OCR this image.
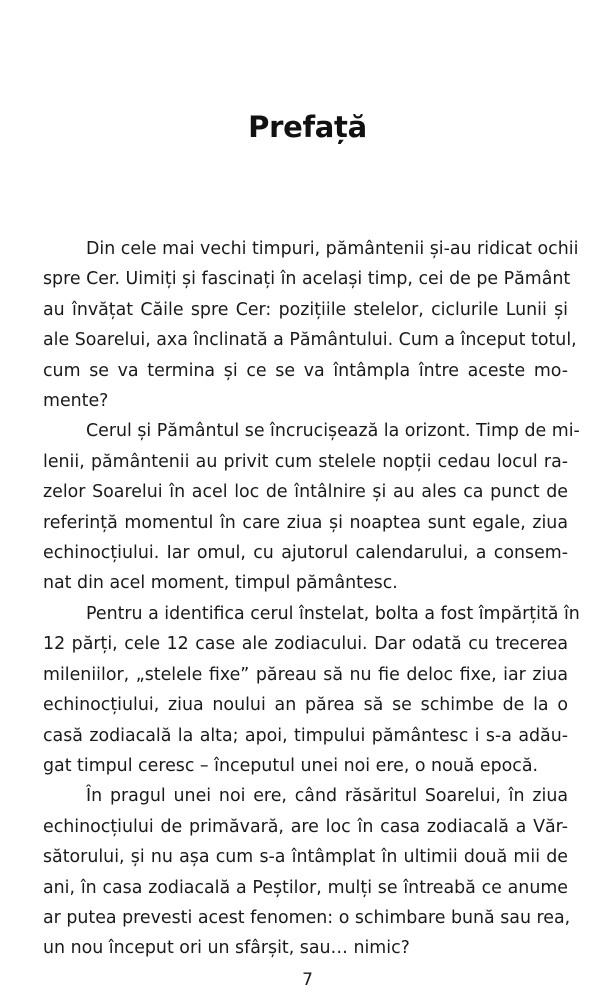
Prefață
Din cele mai vechi timpuri, pământenii și-au ridicat ochii
spre Cer. Uimiți și fascinați în același timp, cei de pe Pământ
au învățat Căile spre Cer: pozițiile stelelor, ciclurile Lunii și
ale Soarelui, axa înclinată a Pământului. Cum a început totul,
cum se va termina și ce se va întâmpla între aceste mo-
mente?
Cerul și Pământul se încrucișează la orizont. Timp de mi-
lenii, pământenii au privit cum stelele nopții cedau locul ra-
zelor Soarelui în acel loc de întâlnire și au ales ca punct de
referință momentul în care ziua și noaptea sunt egale, ziua
echinocțiului. Iar omul, cu ajutorul calendarului, a consem-
nat din acel moment, timpul pământesc.
Pentru a identifica cerul înstelat, bolta a fost împărțită în
12 părți, cele 12 case ale zodiacului. Dar odată cu trecerea
mileniilor, „stelele fixe” păreau să nu fie deloc fixe, iar ziua
echinocțiului, ziua noului an părea să se schimbe de la o
casă zodiacală la alta; apoi, timpului pământesc i s-a adău-
gat timpul ceresc – începutul unei noi ere, o nouă epocă.
În pragul unei noi ere, când răsăritul Soarelui, în ziua
echinocțiului de primăvară, are loc în casa zodiacală a Văr-
sătorului, și nu așa cum s-a întâmplat în ultimii două mii de
ani, în casa zodiacală a Peștilor, mulți se întreabă ce anume
ar putea prevesti acest fenomen: o schimbare bună sau rea,
un nou început ori un sfârșit, sau… nimic?
7
